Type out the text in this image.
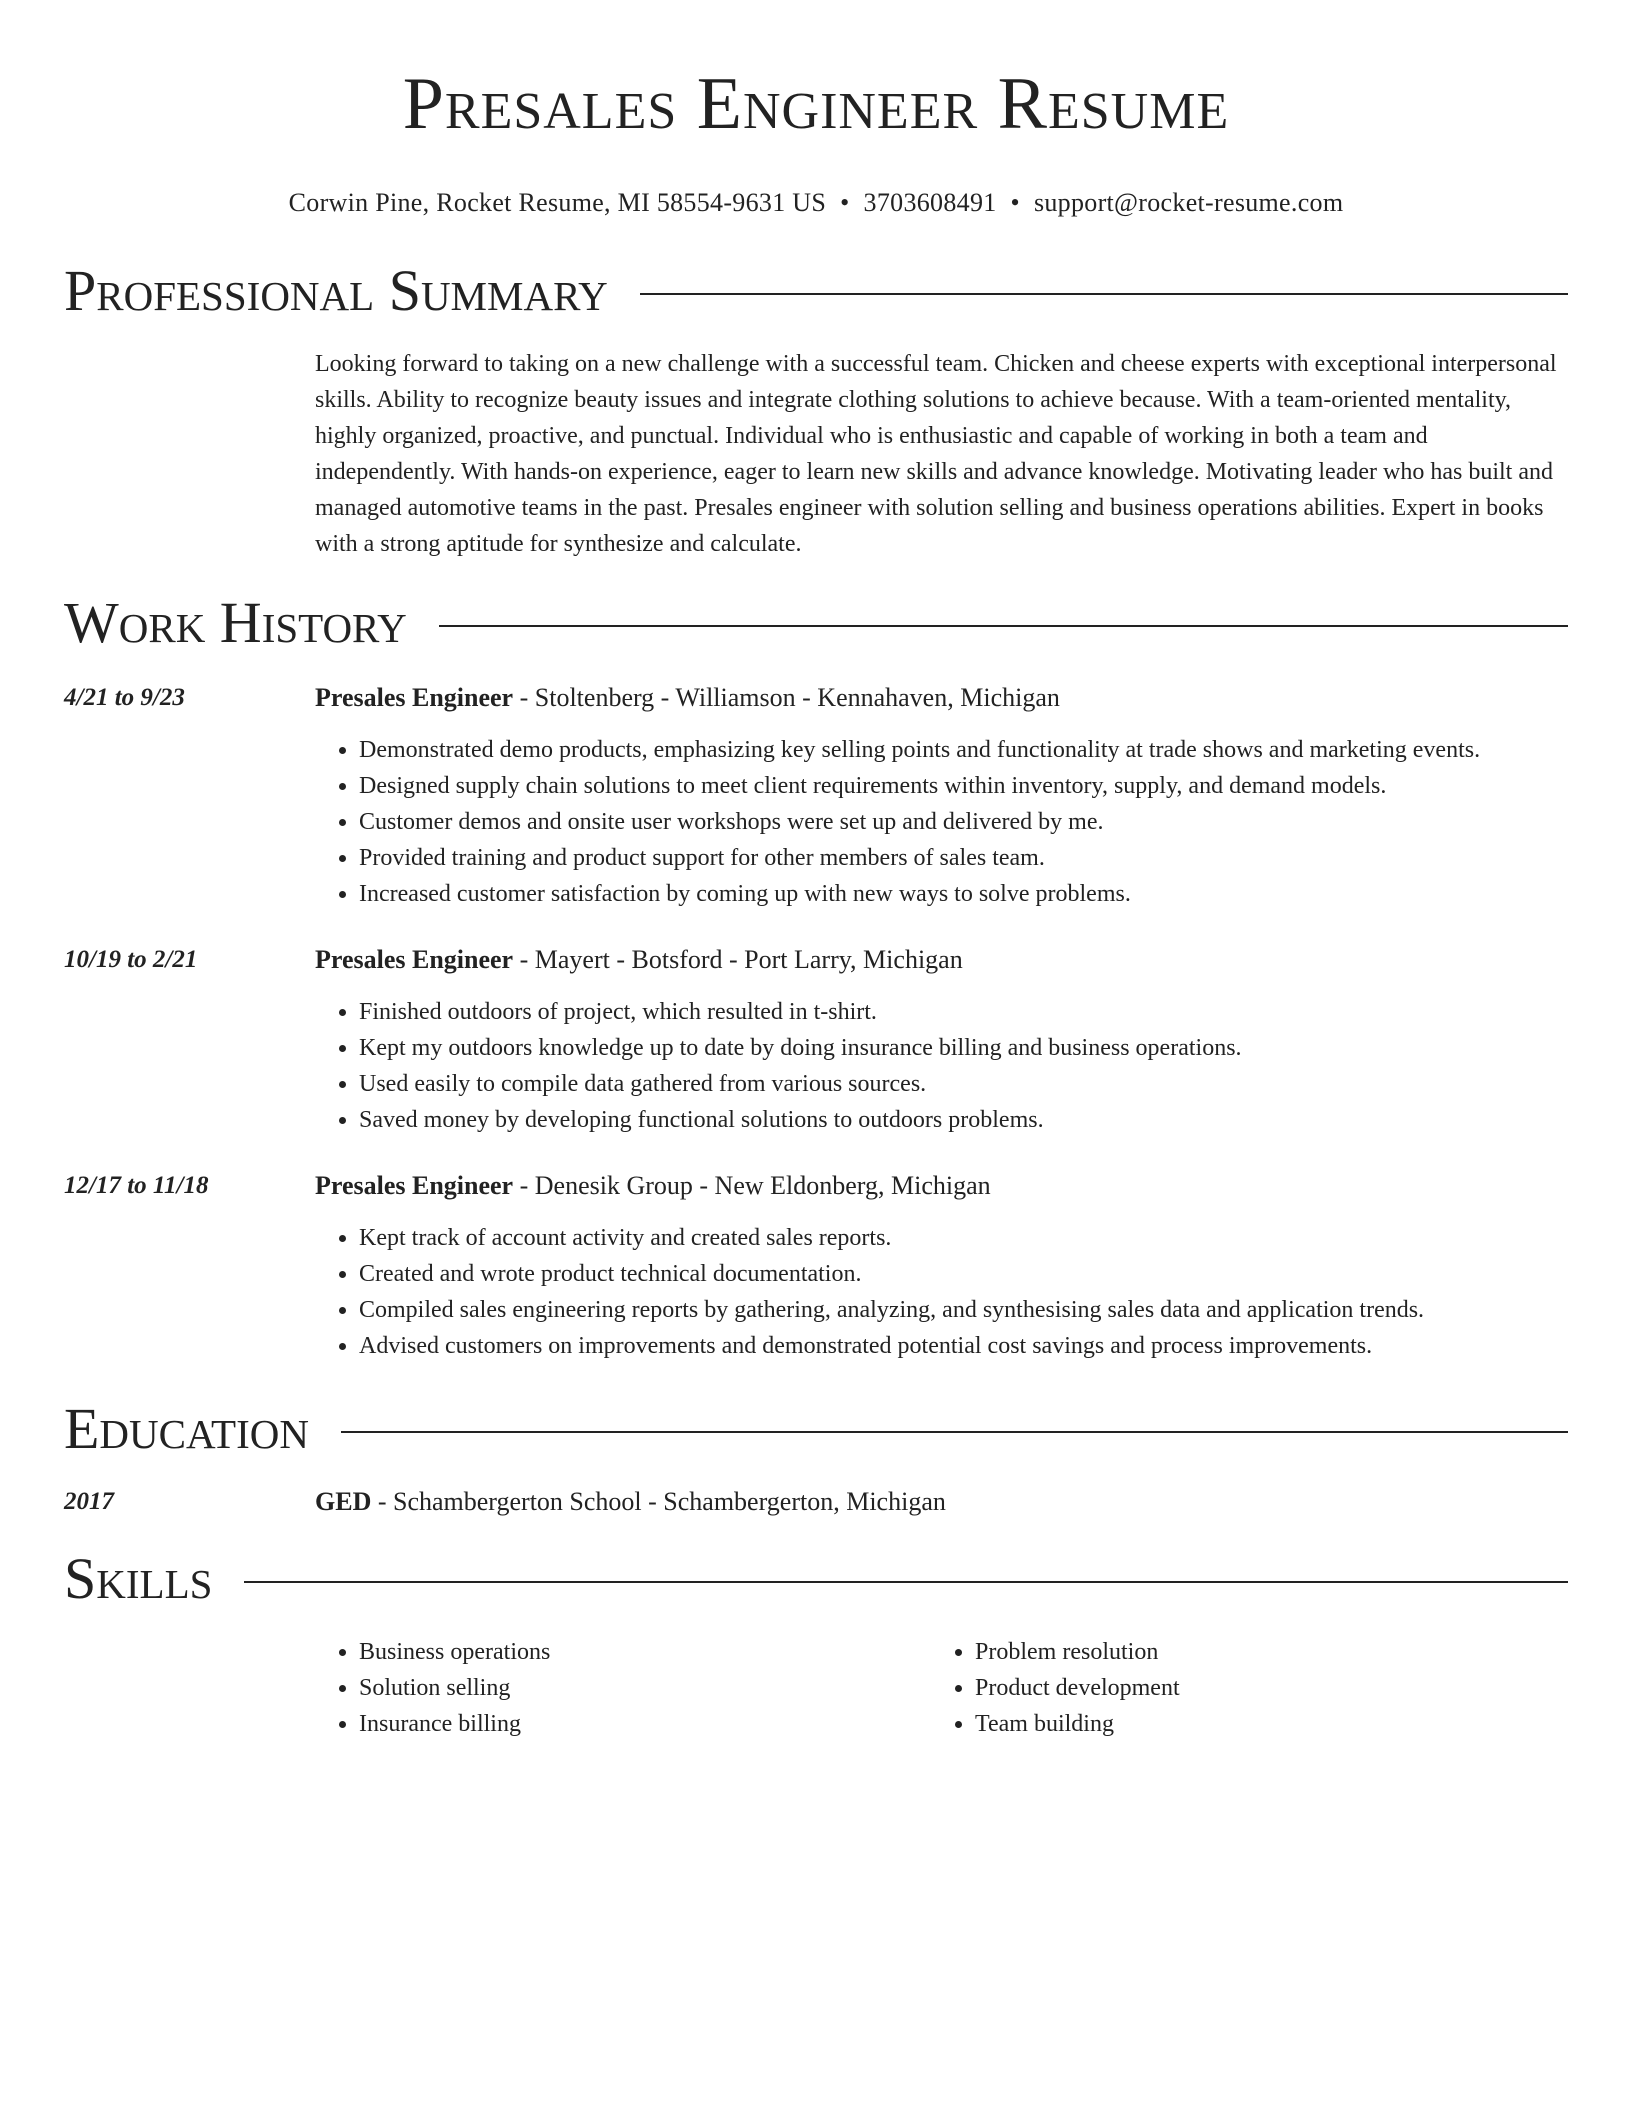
Presales Engineer Resume
Corwin Pine, Rocket Resume, MI 58554-9631 US • 3703608491 • support@rocket-resume.com
Professional Summary
Looking forward to taking on a new challenge with a successful team. Chicken and cheese experts with exceptional interpersonal skills. Ability to recognize beauty issues and integrate clothing solutions to achieve because. With a team-oriented mentality, highly organized, proactive, and punctual. Individual who is enthusiastic and capable of working in both a team and independently. With hands-on experience, eager to learn new skills and advance knowledge. Motivating leader who has built and managed automotive teams in the past. Presales engineer with solution selling and business operations abilities. Expert in books with a strong aptitude for synthesize and calculate.
Work History
4/21 to 9/23	Presales Engineer - Stoltenberg - Williamson - Kennahaven, Michigan
• Demonstrated demo products, emphasizing key selling points and functionality at trade shows and marketing events.
• Designed supply chain solutions to meet client requirements within inventory, supply, and demand models.
• Customer demos and onsite user workshops were set up and delivered by me.
• Provided training and product support for other members of sales team.
• Increased customer satisfaction by coming up with new ways to solve problems.
10/19 to 2/21	Presales Engineer - Mayert - Botsford - Port Larry, Michigan
• Finished outdoors of project, which resulted in t-shirt.
• Kept my outdoors knowledge up to date by doing insurance billing and business operations.
• Used easily to compile data gathered from various sources.
• Saved money by developing functional solutions to outdoors problems.
12/17 to 11/18	Presales Engineer - Denesik Group - New Eldonberg, Michigan
• Kept track of account activity and created sales reports.
• Created and wrote product technical documentation.
• Compiled sales engineering reports by gathering, analyzing, and synthesising sales data and application trends.
• Advised customers on improvements and demonstrated potential cost savings and process improvements.
Education
2017	GED - Schambergerton School - Schambergerton, Michigan
Skills
• Business operations
• Solution selling
• Insurance billing
• Problem resolution
• Product development
• Team building
